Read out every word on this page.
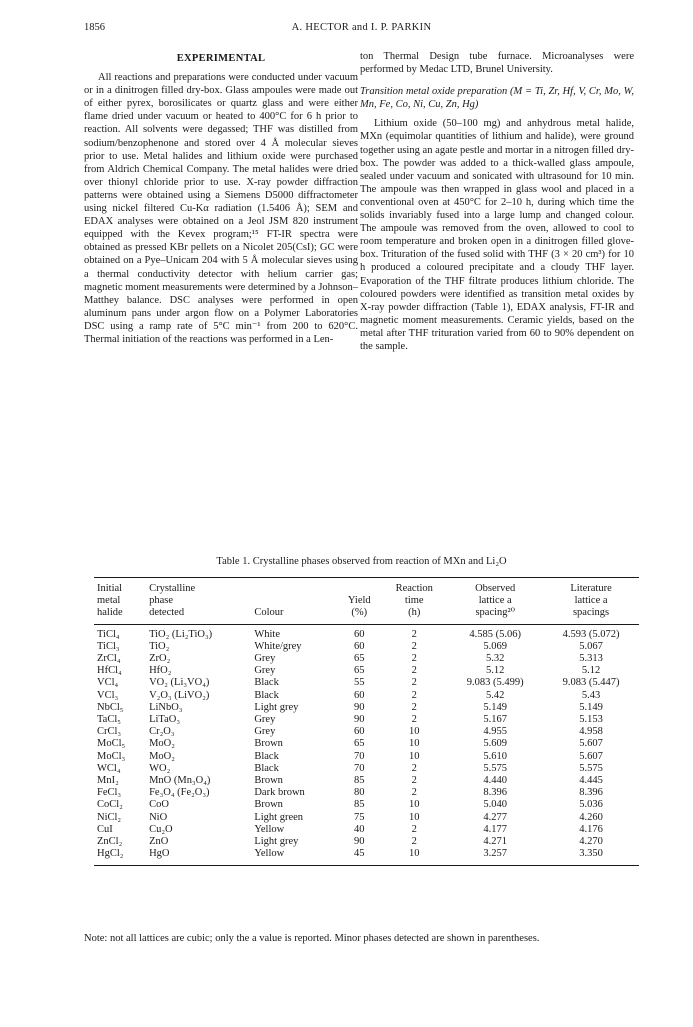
1856	A. HECTOR and I. P. PARKIN
EXPERIMENTAL

All reactions and preparations were conducted under vacuum or in a dinitrogen filled dry-box. Glass ampoules were made out of either pyrex, borosilicates or quartz glass and were either flame dried under vacuum or heated to 400°C for 6 h prior to reaction. All solvents were degassed; THF was distilled from sodium/benzophenone and stored over 4 Å molecular sieves prior to use. Metal halides and lithium oxide were purchased from Aldrich Chemical Company. The metal halides were dried over thionyl chloride prior to use. X-ray powder diffraction patterns were obtained using a Siemens D5000 diffractometer using nickel filtered Cu-Kα radiation (1.5406 Å); SEM and EDAX analyses were obtained on a Jeol JSM 820 instrument equipped with the Kevex program;¹⁵ FT-IR spectra were obtained as pressed KBr pellets on a Nicolet 205(CsI); GC were obtained on a Pye–Unicam 204 with 5 Å molecular sieves using a thermal conductivity detector with helium carrier gas; magnetic moment measurements were determined by a Johnson–Matthey balance. DSC analyses were performed in open aluminum pans under argon flow on a Polymer Laboratories DSC using a ramp rate of 5°C min⁻¹ from 200 to 620°C. Thermal initiation of the reactions was performed in a Len-

ton Thermal Design tube furnace. Microanalyses were performed by Medac LTD, Brunel University.

Transition metal oxide preparation (M = Ti, Zr, Hf, V, Cr, Mo, W, Mn, Fe, Co, Ni, Cu, Zn, Hg)

Lithium oxide (50–100 mg) and anhydrous metal halide, MXn (equimolar quantities of lithium and halide), were ground together using an agate pestle and mortar in a nitrogen filled dry-box. The powder was added to a thick-walled glass ampoule, sealed under vacuum and sonicated with ultrasound for 10 min. The ampoule was then wrapped in glass wool and placed in a conventional oven at 450°C for 2–10 h, during which time the solids invariably fused into a large lump and changed colour. The ampoule was removed from the oven, allowed to cool to room temperature and broken open in a dinitrogen filled glove-box. Trituration of the fused solid with THF (3 × 20 cm³) for 10 h produced a coloured precipitate and a cloudy THF layer. Evaporation of the THF filtrate produces lithium chloride. The coloured powders were identified as transition metal oxides by X-ray powder diffraction (Table 1), EDAX analysis, FT-IR and magnetic moment measurements. Ceramic yields, based on the metal after THF trituration varied from 60 to 90% dependent on the sample.

Table 1. Crystalline phases observed from reaction of MXn and Li₂O
Initial	Crystalline			Reaction	Observed	Literature
metal	phase		Yield	time	lattice a	lattice a
halide	detected	Colour	(%)	(h)	spacing²⁰	spacings
TiCl₄	TiO₂ (Li₂TiO₃)	White	60	2	4.585 (5.06)	4.593 (5.072)
TiCl₃	TiO₂	White/grey	60	2	5.069	5.067
ZrCl₄	ZrO₂	Grey	65	2	5.32	5.313
HfCl₄	HfO₂	Grey	65	2	5.12	5.12
VCl₄	VO₂ (Li₃VO₄)	Black	55	2	9.083 (5.499)	9.083 (5.447)
VCl₃	V₂O₃ (LiVO₂)	Black	60	2	5.42	5.43
NbCl₅	LiNbO₃	Light grey	90	2	5.149	5.149
TaCl₅	LiTaO₃	Grey	90	2	5.167	5.153
CrCl₃	Cr₂O₃	Grey	60	10	4.955	4.958
MoCl₅	MoO₂	Brown	65	10	5.609	5.607
MoCl₃	MoO₂	Black	70	10	5.610	5.607
WCl₄	WO₂	Black	70	2	5.575	5.575
MnI₂	MnO (Mn₃O₄)	Brown	85	2	4.440	4.445
FeCl₃	Fe₃O₄ (Fe₂O₃)	Dark brown	80	2	8.396	8.396
CoCl₂	CoO	Brown	85	10	5.040	5.036
NiCl₂	NiO	Light green	75	10	4.277	4.260
CuI	Cu₂O	Yellow	40	2	4.177	4.176
ZnCl₂	ZnO	Light grey	90	2	4.271	4.270
HgCl₂	HgO	Yellow	45	10	3.257	3.350
Note: not all lattices are cubic; only the a value is reported. Minor phases detected are shown in parentheses.
